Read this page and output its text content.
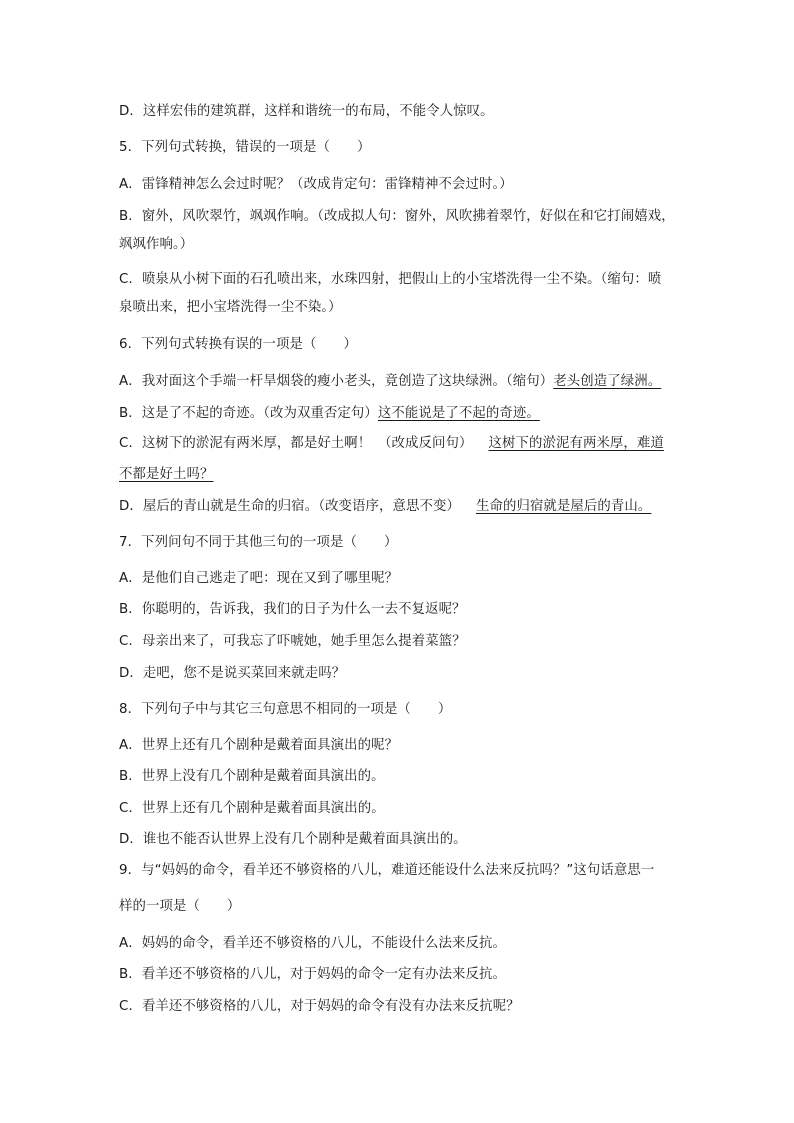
D．这样宏伟的建筑群，这样和谐统一的布局，不能令人惊叹。
5．下列句式转换，错误的一项是（　　）
A．雷锋精神怎么会过时呢？（改成肯定句：雷锋精神不会过时。）
B．窗外，风吹翠竹，飒飒作响。（改成拟人句：窗外，风吹拂着翠竹，好似在和它打闹嬉戏，
飒飒作响。）
C．喷泉从小树下面的石孔喷出来，水珠四射，把假山上的小宝塔洗得一尘不染。（缩句：喷
泉喷出来，把小宝塔洗得一尘不染。）
6．下列句式转换有误的一项是（　　）
A．我对面这个手端一杆旱烟袋的瘦小老头，竟创造了这块绿洲。（缩句）老头创造了绿洲。
B．这是了不起的奇迹。（改为双重否定句）这不能说是了不起的奇迹。
C．这树下的淤泥有两米厚，都是好土啊！　（改成反问句） 这树下的淤泥有两米厚，难道
不都是好土吗？
D．屋后的青山就是生命的归宿。（改变语序，意思不变） 生命的归宿就是屋后的青山。
7．下列问句不同于其他三句的一项是（　　）
A．是他们自己逃走了吧：现在又到了哪里呢？
B．你聪明的，告诉我，我们的日子为什么一去不复返呢？
C．母亲出来了，可我忘了吓唬她，她手里怎么提着菜篮？
D．走吧，您不是说买菜回来就走吗？
8．下列句子中与其它三句意思不相同的一项是（　　）
A．世界上还有几个剧种是戴着面具演出的呢？
B．世界上没有几个剧种是戴着面具演出的。
C．世界上还有几个剧种是戴着面具演出的。
D．谁也不能否认世界上没有几个剧种是戴着面具演出的。
9．与“妈妈的命令，看羊还不够资格的八儿，难道还能设什么法来反抗吗？”这句话意思一
样的一项是（　　）
A．妈妈的命令，看羊还不够资格的八儿，不能设什么法来反抗。
B．看羊还不够资格的八儿，对于妈妈的命令一定有办法来反抗。
C．看羊还不够资格的八儿，对于妈妈的命令有没有办法来反抗呢？
